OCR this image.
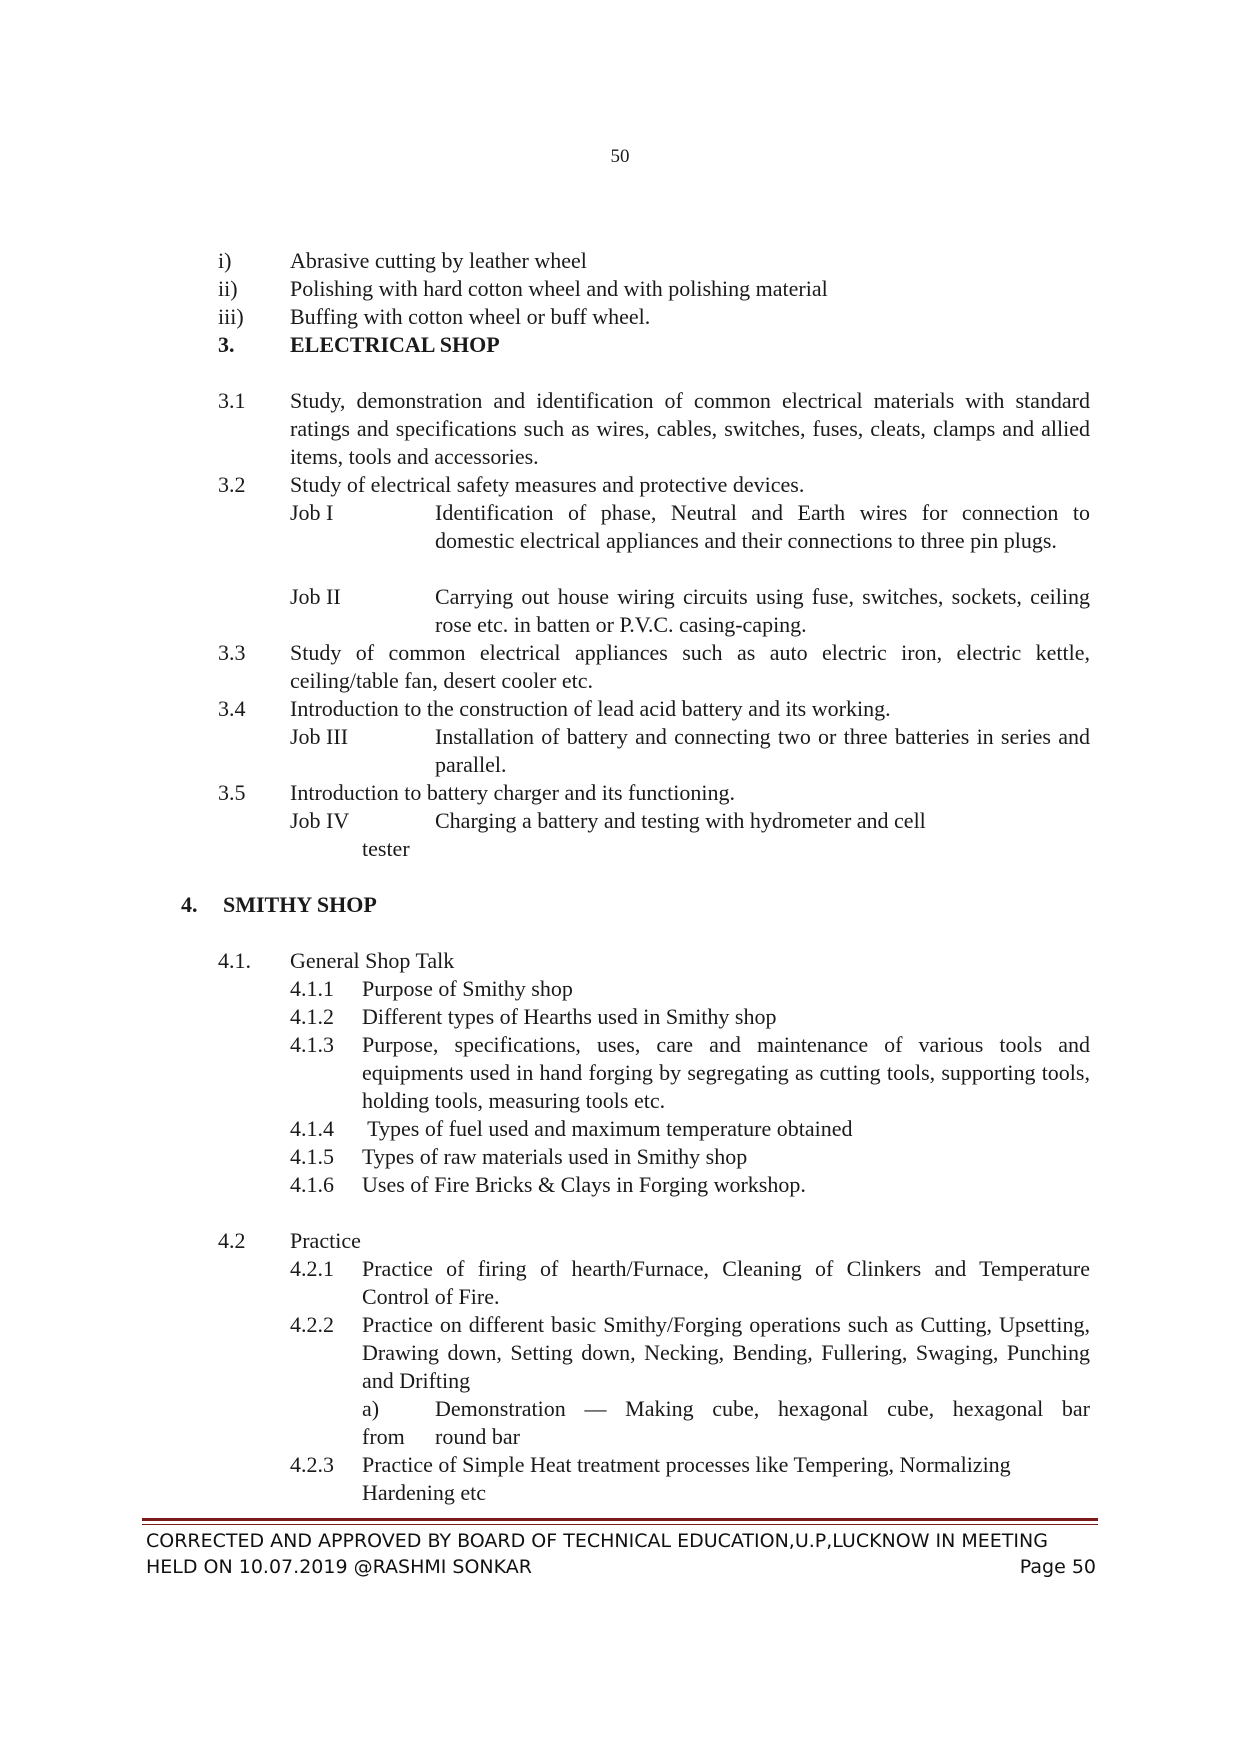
50
i)	Abrasive cutting by leather wheel
ii) Polishing with hard cotton wheel and with polishing material
iii) Buffing with cotton wheel or buff wheel.
3.	ELECTRICAL SHOP
3.1 Study, demonstration and identification of common electrical materials with standard ratings and specifications such as wires, cables, switches, fuses, cleats, clamps and allied items, tools and accessories.
3.2 Study of electrical safety measures and protective devices.
Job I	Identification of phase, Neutral and Earth wires for connection to domestic electrical appliances and their connections to three pin plugs.
Job II	Carrying out house wiring circuits using fuse, switches, sockets, ceiling rose etc. in batten or P.V.C. casing-caping.
3.3 Study of common electrical appliances such as auto electric iron, electric kettle, ceiling/table fan, desert cooler etc.
3.4 Introduction to the construction of lead acid battery and its working.
Job III	Installation of battery and connecting two or three batteries in series and parallel.
3.5 Introduction to battery charger and its functioning.
Job IV	Charging a battery and testing with hydrometer and cell
tester
4. SMITHY SHOP
4.1. General Shop Talk
4.1.1 Purpose of Smithy shop
4.1.2 Different types of Hearths used in Smithy shop
4.1.3 Purpose, specifications, uses, care and maintenance of various tools and equipments used in hand forging by segregating as cutting tools, supporting tools, holding tools, measuring tools etc.
4.1.4 Types of fuel used and maximum temperature obtained
4.1.5 Types of raw materials used in Smithy shop
4.1.6 Uses of Fire Bricks & Clays in Forging workshop.
4.2 Practice
4.2.1 Practice of firing of hearth/Furnace, Cleaning of Clinkers and Temperature Control of Fire.
4.2.2 Practice on different basic Smithy/Forging operations such as Cutting, Upsetting, Drawing down, Setting down, Necking, Bending, Fullering, Swaging, Punching and Drifting
a)	Demonstration — Making cube, hexagonal cube, hexagonal bar
from round bar
4.2.3 Practice of Simple Heat treatment processes like Tempering, Normalizing
Hardening etc
CORRECTED AND APPROVED BY BOARD OF TECHNICAL EDUCATION,U.P,LUCKNOW IN MEETING
HELD ON 10.07.2019 @RASHMI SONKAR	Page 50
